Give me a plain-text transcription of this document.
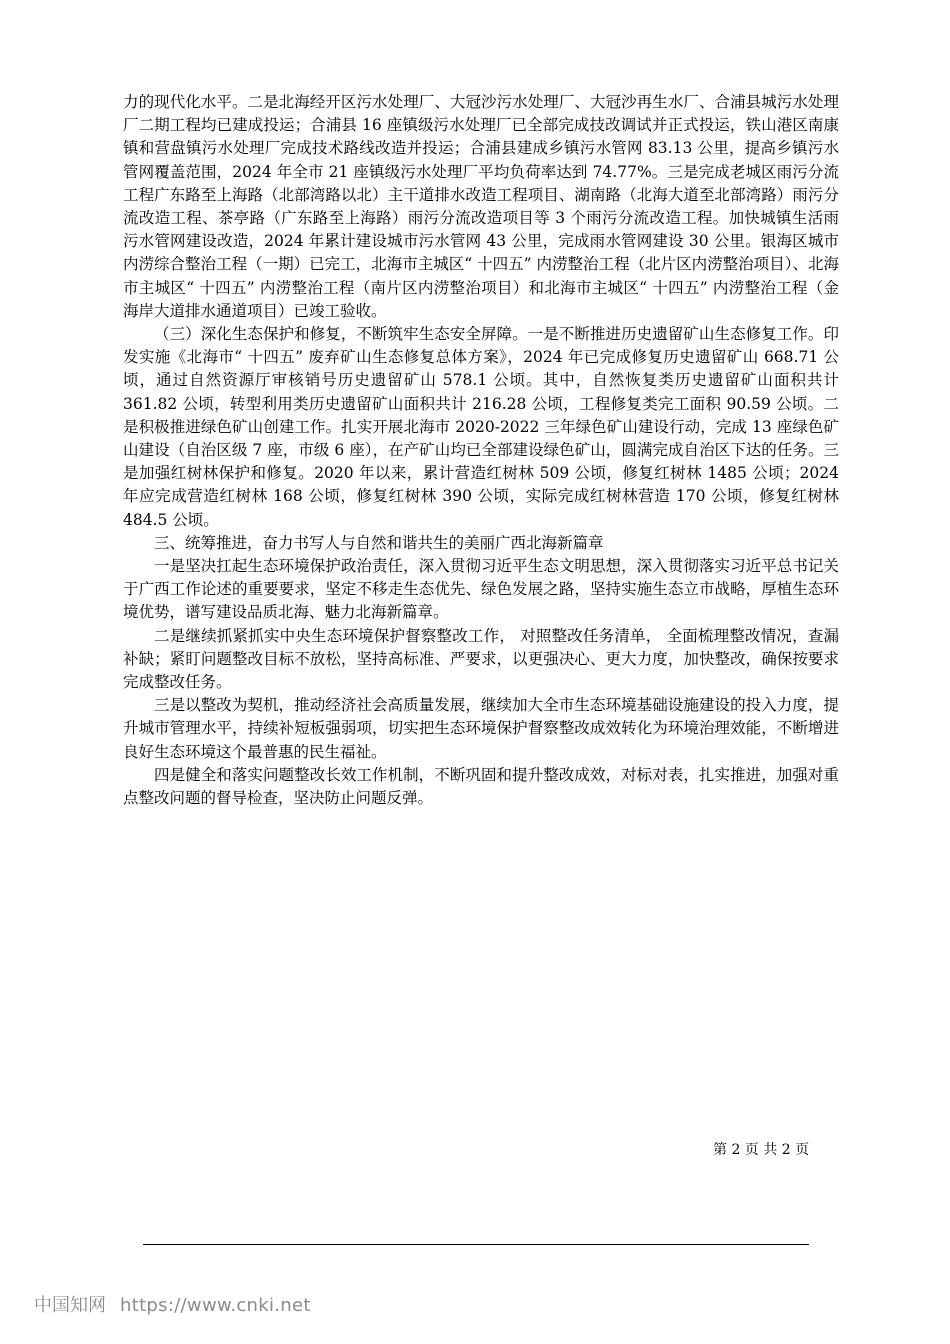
力的现代化水平。二是北海经开区污水处理厂、大冠沙污水处理厂、大冠沙再生水厂、合浦县城污水处理厂二期工程均已建成投运；合浦县 16 座镇级污水处理厂已全部完成技改调试并正式投运，铁山港区南康镇和营盘镇污水处理厂完成技术路线改造并投运；合浦县建成乡镇污水管网 83.13 公里，提高乡镇污水管网覆盖范围，2024 年全市 21 座镇级污水处理厂平均负荷率达到 74.77%。三是完成老城区雨污分流工程广东路至上海路（北部湾路以北）主干道排水改造工程项目、湖南路（北海大道至北部湾路）雨污分流改造工程、茶亭路（广东路至上海路）雨污分流改造项目等 3 个雨污分流改造工程。加快城镇生活雨污水管网建设改造，2024 年累计建设城市污水管网 43 公里，完成雨水管网建设 30 公里。银海区城市内涝综合整治工程（一期）已完工，北海市主城区“ 十四五” 内涝整治工程（北片区内涝整治项目）、北海市主城区“ 十四五” 内涝整治工程（南片区内涝整治项目）和北海市主城区“ 十四五” 内涝整治工程（金海岸大道排水通道项目）已竣工验收。

（三）深化生态保护和修复，不断筑牢生态安全屏障。一是不断推进历史遗留矿山生态修复工作。印发实施《北海市“ 十四五” 废弃矿山生态修复总体方案》，2024 年已完成修复历史遗留矿山 668.71 公顷，通过自然资源厅审核销号历史遗留矿山 578.1 公顷。其中，自然恢复类历史遗留矿山面积共计 361.82 公顷，转型利用类历史遗留矿山面积共计 216.28 公顷，工程修复类完工面积 90.59 公顷。二是积极推进绿色矿山创建工作。扎实开展北海市 2020-2022 三年绿色矿山建设行动，完成 13 座绿色矿山建设（自治区级 7 座，市级 6 座），在产矿山均已全部建设绿色矿山，圆满完成自治区下达的任务。三是加强红树林保护和修复。2020 年以来，累计营造红树林 509 公顷，修复红树林 1485 公顷；2024 年应完成营造红树林 168 公顷，修复红树林 390 公顷，实际完成红树林营造 170 公顷，修复红树林 484.5 公顷。

三、统筹推进，奋力书写人与自然和谐共生的美丽广西北海新篇章

一是坚决扛起生态环境保护政治责任，深入贯彻习近平生态文明思想，深入贯彻落实习近平总书记关于广西工作论述的重要要求，坚定不移走生态优先、绿色发展之路，坚持实施生态立市战略，厚植生态环境优势，谱写建设品质北海、魅力北海新篇章。

二是继续抓紧抓实中央生态环境保护督察整改工作， 对照整改任务清单， 全面梳理整改情况，查漏补缺；紧盯问题整改目标不放松，坚持高标准、严要求，以更强决心、更大力度，加快整改，确保按要求完成整改任务。

三是以整改为契机，推动经济社会高质量发展，继续加大全市生态环境基础设施建设的投入力度，提升城市管理水平，持续补短板强弱项，切实把生态环境保护督察整改成效转化为环境治理效能，不断增进良好生态环境这个最普惠的民生福祉。

四是健全和落实问题整改长效工作机制，不断巩固和提升整改成效，对标对表，扎实推进，加强对重点整改问题的督导检查，坚决防止问题反弹。

第 2 页 共 2 页
中国知网 https://www.cnki.net
